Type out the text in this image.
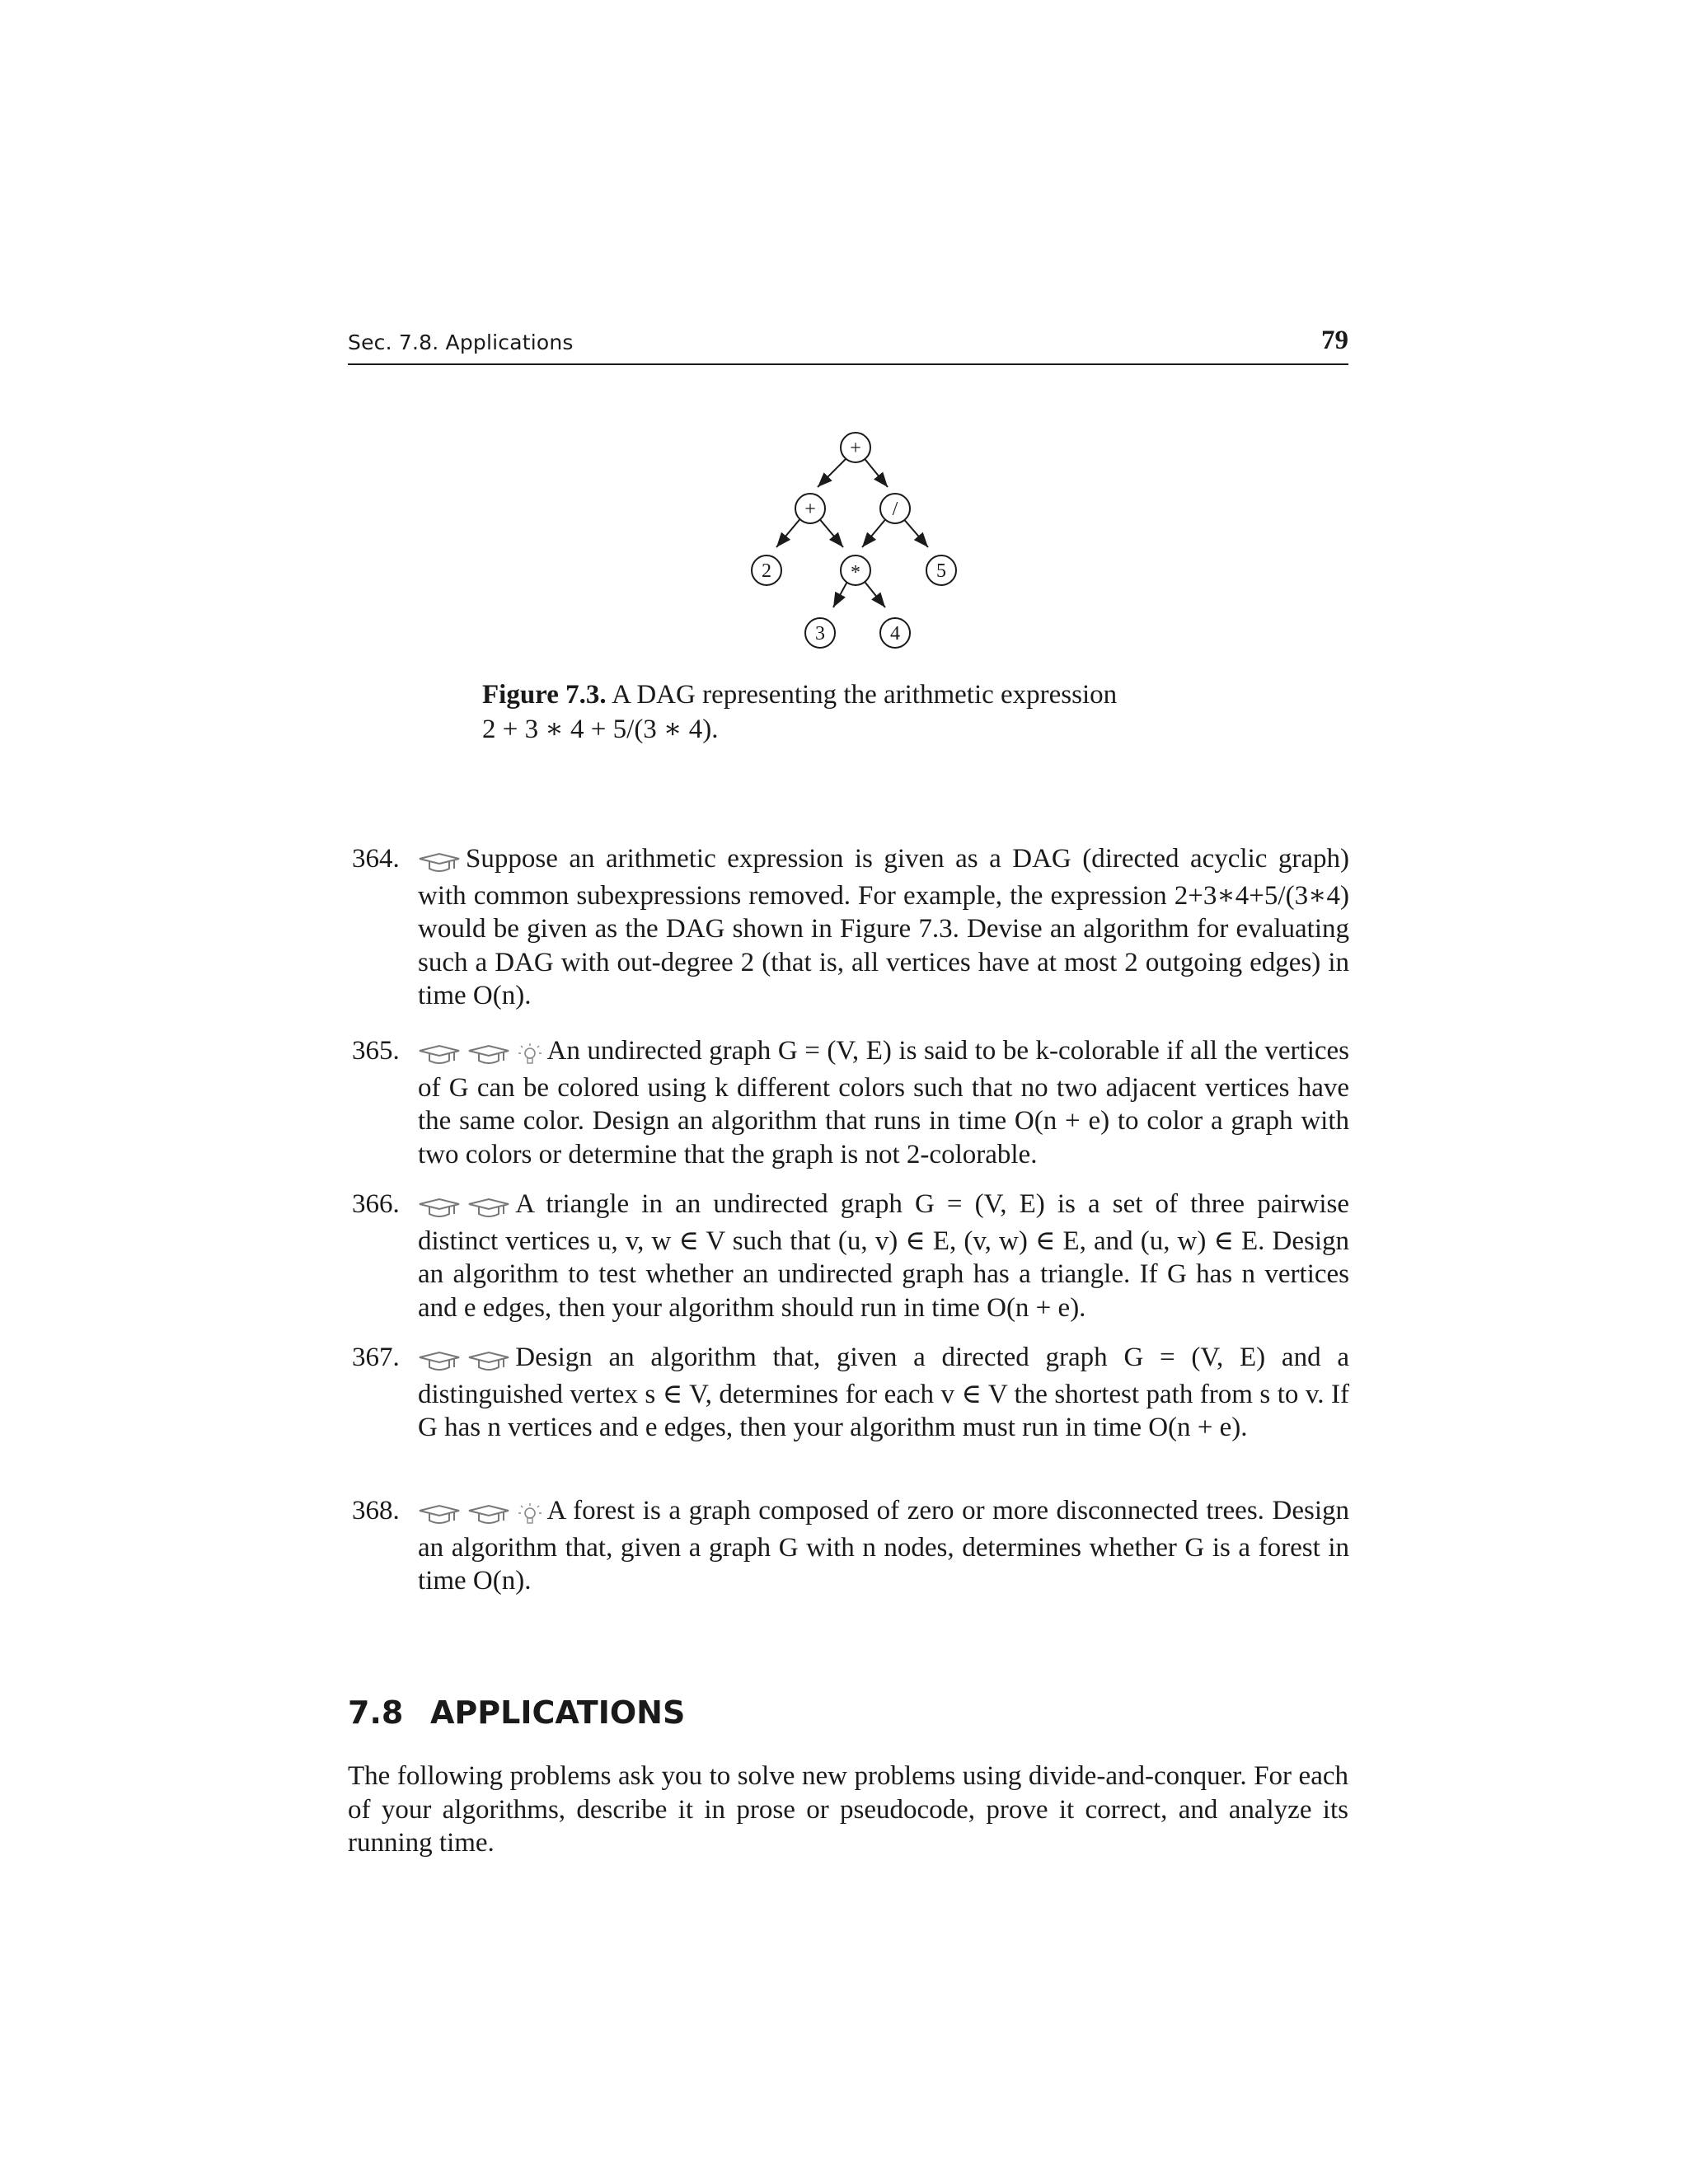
Sec. 7.8. Applications	79
+
+	/
2	*	5
3	4
Figure 7.3. A DAG representing the arithmetic expression
2 + 3 ∗ 4 + 5/(3 ∗ 4).
364.	Suppose an arithmetic expression is given as a DAG (directed acyclic graph) with common subexpressions removed. For example, the expression 2+3∗4+5/(3∗4) would be given as the DAG shown in Figure 7.3. Devise an algorithm for evaluating such a DAG with out-degree 2 (that is, all vertices have at most 2 outgoing edges) in time O(n).
365.	An undirected graph G = (V, E) is said to be k-colorable if all the vertices of G can be colored using k different colors such that no two adjacent vertices have the same color. Design an algorithm that runs in time O(n + e) to color a graph with two colors or determine that the graph is not 2-colorable.
366.	A triangle in an undirected graph G = (V, E) is a set of three pairwise distinct vertices u, v, w ∈ V such that (u, v) ∈ E, (v, w) ∈ E, and (u, w) ∈ E. Design an algorithm to test whether an undirected graph has a triangle. If G has n vertices and e edges, then your algorithm should run in time O(n + e).
367.	Design an algorithm that, given a directed graph G = (V, E) and a distinguished vertex s ∈ V, determines for each v ∈ V the shortest path from s to v. If G has n vertices and e edges, then your algorithm must run in time O(n + e).
368.	A forest is a graph composed of zero or more disconnected trees. Design an algorithm that, given a graph G with n nodes, determines whether G is a forest in time O(n).
7.8 APPLICATIONS
The following problems ask you to solve new problems using divide-and-conquer. For each of your algorithms, describe it in prose or pseudocode, prove it correct, and analyze its running time.
